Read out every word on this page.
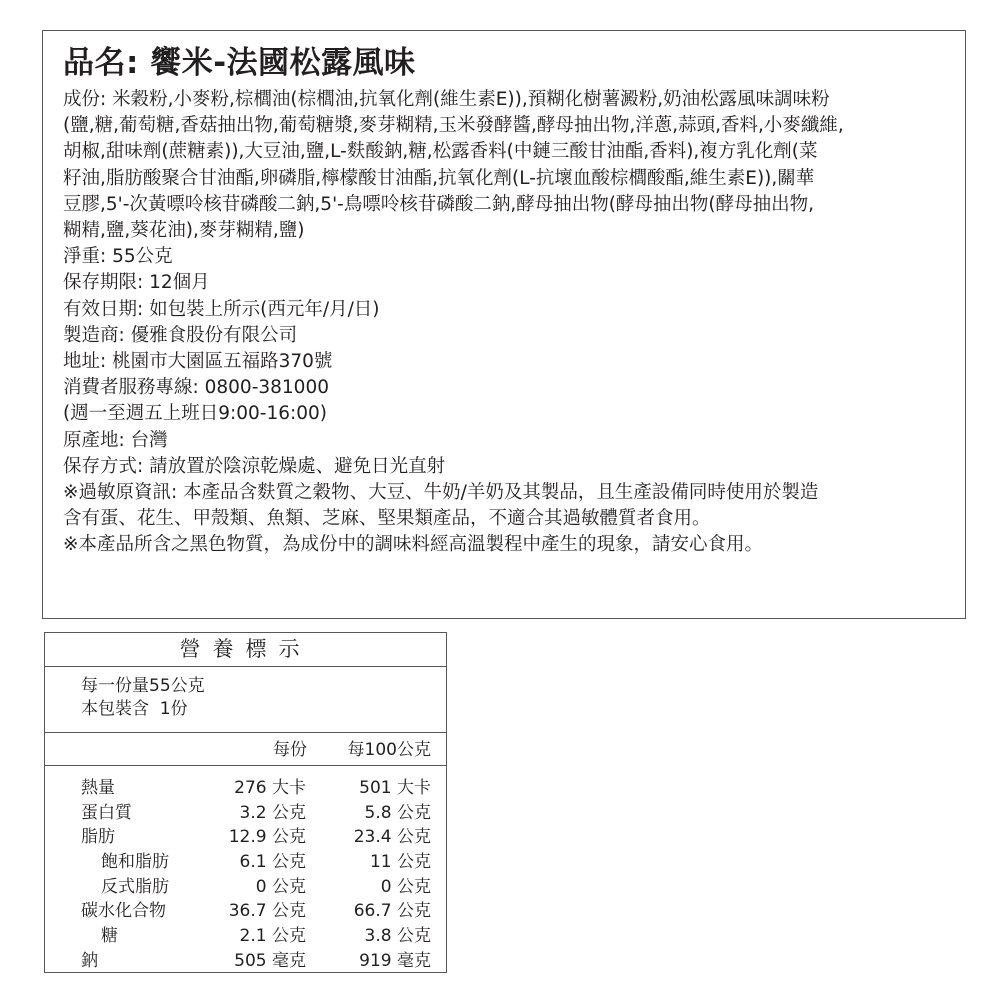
品名: 饗米-法國松露風味
成份: 米穀粉,小麥粉,棕櫚油(棕櫚油,抗氧化劑(維生素E)),預糊化樹薯澱粉,奶油松露風味調味粉
(鹽,糖,葡萄糖,香菇抽出物,葡萄糖漿,麥芽糊精,玉米發酵醬,酵母抽出物,洋蔥,蒜頭,香料,小麥纖維,
胡椒,甜味劑(蔗糖素)),大豆油,鹽,L-麩酸鈉,糖,松露香料(中鏈三酸甘油酯,香料),複方乳化劑(菜
籽油,脂肪酸聚合甘油酯,卵磷脂,檸檬酸甘油酯,抗氧化劑(L-抗壞血酸棕櫚酸酯,維生素E)),關華
豆膠,5'-次黃嘌呤核苷磷酸二鈉,5'-鳥嘌呤核苷磷酸二鈉,酵母抽出物(酵母抽出物(酵母抽出物,
糊精,鹽,葵花油),麥芽糊精,鹽)
淨重: 55公克
保存期限: 12個月
有效日期: 如包裝上所示(西元年/月/日)
製造商: 優雅食股份有限公司
地址: 桃園市大園區五福路370號
消費者服務專線: 0800-381000
(週一至週五上班日9:00-16:00)
原產地: 台灣
保存方式: 請放置於陰涼乾燥處、避免日光直射
※過敏原資訊: 本產品含麩質之穀物、大豆、牛奶/羊奶及其製品，且生產設備同時使用於製造
含有蛋、花生、甲殼類、魚類、芝麻、堅果類產品，不適合其過敏體質者食用。
※本產品所含之黑色物質，為成份中的調味料經高溫製程中產生的現象，請安心食用。
營養標示
每一份量55公克
本包裝含  1份
每份 每100公克
熱量	276 大卡	501 大卡
蛋白質	3.2 公克	5.8 公克
脂肪	12.9 公克	23.4 公克
飽和脂肪	6.1 公克	11 公克
反式脂肪	0 公克	0 公克
碳水化合物	36.7 公克	66.7 公克
糖	2.1 公克	3.8 公克
鈉	505 毫克	919 毫克
